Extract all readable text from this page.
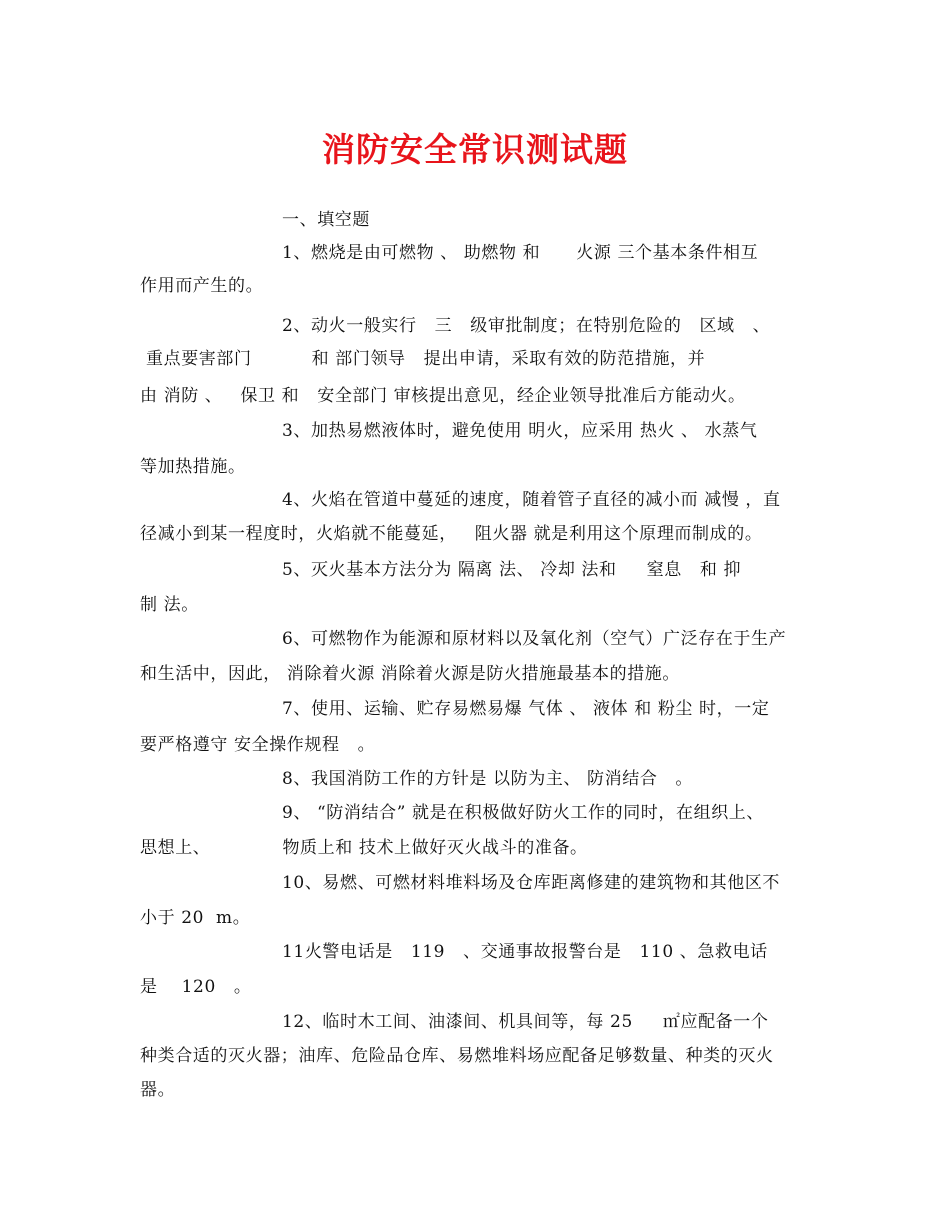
消防安全常识测试题
一、填空题
1、燃烧是由可燃物 、 助燃物 和      火源 三个基本条件相互
作用而产生的。
2、动火一般实行   三   级审批制度；在特别危险的   区域   、
重点要害部门          和 部门领导   提出申请，采取有效的防范措施，并
由 消防 、   保卫 和   安全部门 审核提出意见，经企业领导批准后方能动火。
3、加热易燃液体时，避免使用 明火，应采用 热火 、 水蒸气
等加热措施。
4、火焰在管道中蔓延的速度，随着管子直径的减小而 减慢 ，直
径减小到某一程度时，火焰就不能蔓延，   阻火器 就是利用这个原理而制成的。
5、灭火基本方法分为 隔离 法、 冷却 法和     窒息   和 抑
制 法。
6、可燃物作为能源和原材料以及氧化剂（空气）广泛存在于生产
和生活中，因此， 消除着火源 消除着火源是防火措施最基本的措施。
7、使用、运输、贮存易燃易爆 气体 、 液体 和 粉尘 时，一定
要严格遵守 安全操作规程   。
8、我国消防工作的方针是 以防为主、 防消结合   。
9、 “防消结合” 就是在积极做好防火工作的同时，在组织上、
思想上、            物质上和 技术上做好灭火战斗的准备。
10、易燃、可燃材料堆料场及仓库距离修建的建筑物和其他区不
小于 20  m。
11火警电话是   119   、交通事故报警台是   110 、急救电话
是    120   。
12、临时木工间、油漆间、机具间等，每 25     ㎡应配备一个
种类合适的灭火器；油库、危险品仓库、易燃堆料场应配备足够数量、种类的灭火
器。
